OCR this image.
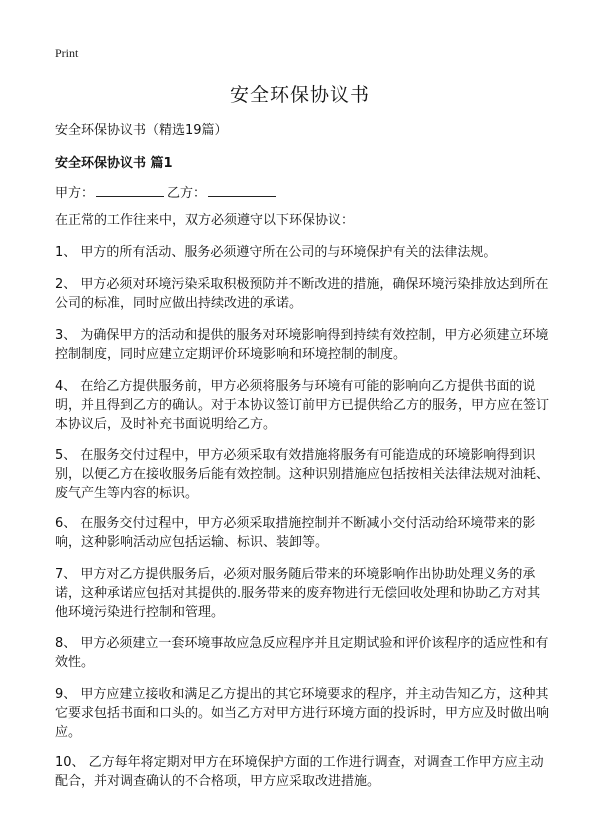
Print
安全环保协议书
安全环保协议书（精选19篇）
安全环保协议书 篇1
甲方：	乙方：

在正常的工作往来中，双方必须遵守以下环保协议：

1、 甲方的所有活动、服务必须遵守所在公司的与环境保护有关的法律法规。

2、 甲方必须对环境污染采取积极预防并不断改进的措施，确保环境污染排放达到所在公司的标准，同时应做出持续改进的承诺。

3、 为确保甲方的活动和提供的服务对环境影响得到持续有效控制，甲方必须建立环境控制制度，同时应建立定期评价环境影响和环境控制的制度。

4、 在给乙方提供服务前，甲方必须将服务与环境有可能的影响向乙方提供书面的说明，并且得到乙方的确认。对于本协议签订前甲方已提供给乙方的服务，甲方应在签订本协议后，及时补充书面说明给乙方。

5、 在服务交付过程中，甲方必须采取有效措施将服务有可能造成的环境影响得到识别，以便乙方在接收服务后能有效控制。这种识别措施应包括按相关法律法规对油耗、废气产生等内容的标识。

6、 在服务交付过程中，甲方必须采取措施控制并不断减小交付活动给环境带来的影响，这种影响活动应包括运输、标识、装卸等。

7、 甲方对乙方提供服务后，必须对服务随后带来的环境影响作出协助处理义务的承诺，这种承诺应包括对其提供的.服务带来的废弃物进行无偿回收处理和协助乙方对其他环境污染进行控制和管理。

8、 甲方必须建立一套环境事故应急反应程序并且定期试验和评价该程序的适应性和有效性。

9、 甲方应建立接收和满足乙方提出的其它环境要求的程序，并主动告知乙方，这种其它要求包括书面和口头的。如当乙方对甲方进行环境方面的投诉时，甲方应及时做出响应。

10、 乙方每年将定期对甲方在环境保护方面的工作进行调查，对调查工作甲方应主动配合，并对调查确认的不合格项，甲方应采取改进措施。
